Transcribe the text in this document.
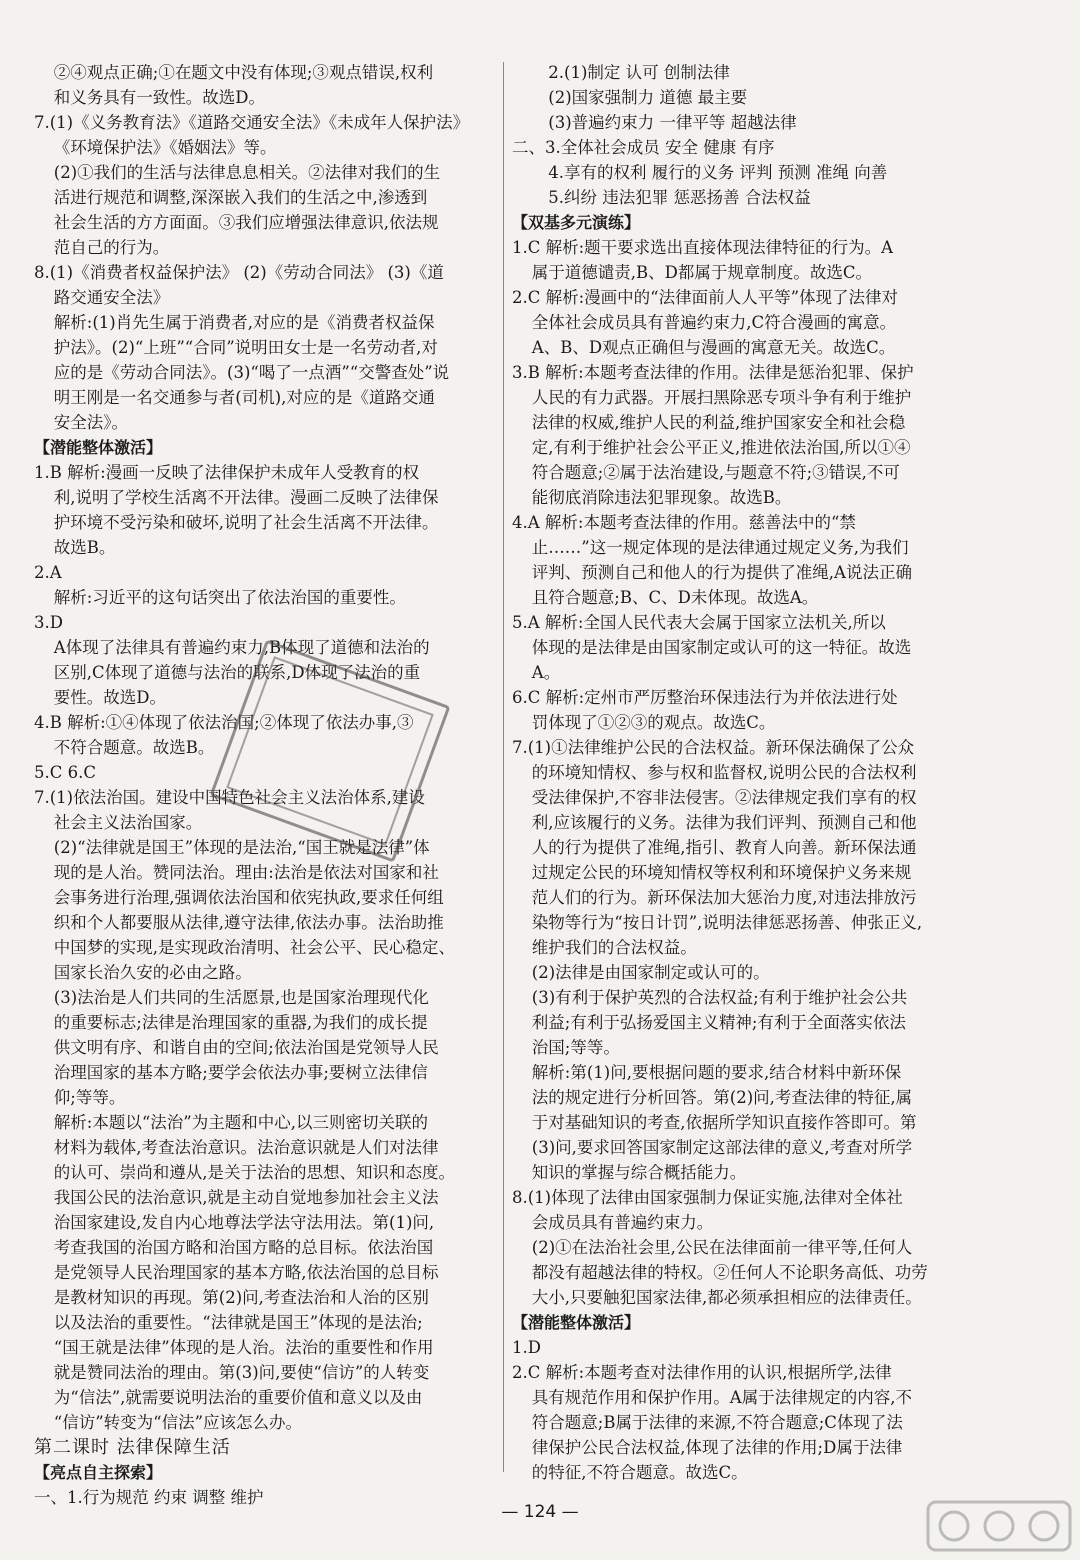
②④观点正确;①在题文中没有体现;③观点错误,权利

和义务具有一致性。故选D。

7.(1)《义务教育法》《道路交通安全法》《未成年人保护法》

《环境保护法》《婚姻法》等。

(2)①我们的生活与法律息息相关。②法律对我们的生

活进行规范和调整,深深嵌入我们的生活之中,渗透到

社会生活的方方面面。③我们应增强法律意识,依法规

范自己的行为。

8.(1)《消费者权益保护法》 (2)《劳动合同法》 (3)《道

路交通安全法》

解析:(1)肖先生属于消费者,对应的是《消费者权益保

护法》。(2)“上班”“合同”说明田女士是一名劳动者,对

应的是《劳动合同法》。(3)“喝了一点酒”“交警查处”说

明王刚是一名交通参与者(司机),对应的是《道路交通

安全法》。

【潜能整体激活】

1.B 解析:漫画一反映了法律保护未成年人受教育的权

利,说明了学校生活离不开法律。漫画二反映了法律保

护环境不受污染和破坏,说明了社会生活离不开法律。

故选B。

2.A

解析:习近平的这句话突出了依法治国的重要性。

3.D

A体现了法律具有普遍约束力,B体现了道德和法治的

区别,C体现了道德与法治的联系,D体现了法治的重

要性。故选D。

4.B 解析:①④体现了依法治国;②体现了依法办事,③

不符合题意。故选B。

5.C 6.C

7.(1)依法治国。建设中国特色社会主义法治体系,建设

社会主义法治国家。

(2)“法律就是国王”体现的是法治,“国王就是法律”体

现的是人治。赞同法治。理由:法治是依法对国家和社

会事务进行治理,强调依法治国和依宪执政,要求任何组

织和个人都要服从法律,遵守法律,依法办事。法治助推

中国梦的实现,是实现政治清明、社会公平、民心稳定、

国家长治久安的必由之路。

(3)法治是人们共同的生活愿景,也是国家治理现代化

的重要标志;法律是治理国家的重器,为我们的成长提

供文明有序、和谐自由的空间;依法治国是党领导人民

治理国家的基本方略;要学会依法办事;要树立法律信

仰;等等。

解析:本题以“法治”为主题和中心,以三则密切关联的

材料为载体,考查法治意识。法治意识就是人们对法律

的认可、崇尚和遵从,是关于法治的思想、知识和态度。

我国公民的法治意识,就是主动自觉地参加社会主义法

治国家建设,发自内心地尊法学法守法用法。第(1)问,

考查我国的治国方略和治国方略的总目标。依法治国

是党领导人民治理国家的基本方略,依法治国的总目标

是教材知识的再现。第(2)问,考查法治和人治的区别

以及法治的重要性。“法律就是国王”体现的是法治;

“国王就是法律”体现的是人治。法治的重要性和作用

就是赞同法治的理由。第(3)问,要使“信访”的人转变

为“信法”,就需要说明法治的重要价值和意义以及由

“信访”转变为“信法”应该怎么办。

第二课时 法律保障生活

【亮点自主探索】

一、1.行为规范 约束 调整 维护

2.(1)制定 认可 创制法律

(2)国家强制力 道德 最主要

(3)普遍约束力 一律平等 超越法律

二、3.全体社会成员 安全 健康 有序

4.享有的权利 履行的义务 评判 预测 准绳 向善

5.纠纷 违法犯罪 惩恶扬善 合法权益

【双基多元演练】

1.C 解析:题干要求选出直接体现法律特征的行为。A

属于道德谴责,B、D都属于规章制度。故选C。

2.C 解析:漫画中的“法律面前人人平等”体现了法律对

全体社会成员具有普遍约束力,C符合漫画的寓意。

A、B、D观点正确但与漫画的寓意无关。故选C。

3.B 解析:本题考查法律的作用。法律是惩治犯罪、保护

人民的有力武器。开展扫黑除恶专项斗争有利于维护

法律的权威,维护人民的利益,维护国家安全和社会稳

定,有利于维护社会公平正义,推进依法治国,所以①④

符合题意;②属于法治建设,与题意不符;③错误,不可

能彻底消除违法犯罪现象。故选B。

4.A 解析:本题考查法律的作用。慈善法中的“禁

止……”这一规定体现的是法律通过规定义务,为我们

评判、预测自己和他人的行为提供了准绳,A说法正确

且符合题意;B、C、D未体现。故选A。

5.A 解析:全国人民代表大会属于国家立法机关,所以

体现的是法律是由国家制定或认可的这一特征。故选

A。

6.C 解析:定州市严厉整治环保违法行为并依法进行处

罚体现了①②③的观点。故选C。

7.(1)①法律维护公民的合法权益。新环保法确保了公众

的环境知情权、参与权和监督权,说明公民的合法权利

受法律保护,不容非法侵害。②法律规定我们享有的权

利,应该履行的义务。法律为我们评判、预测自己和他

人的行为提供了准绳,指引、教育人向善。新环保法通

过规定公民的环境知情权等权利和环境保护义务来规

范人们的行为。新环保法加大惩治力度,对违法排放污

染物等行为“按日计罚”,说明法律惩恶扬善、伸张正义,

维护我们的合法权益。

(2)法律是由国家制定或认可的。

(3)有利于保护英烈的合法权益;有利于维护社会公共

利益;有利于弘扬爱国主义精神;有利于全面落实依法

治国;等等。

解析:第(1)问,要根据问题的要求,结合材料中新环保

法的规定进行分析回答。第(2)问,考查法律的特征,属

于对基础知识的考查,依据所学知识直接作答即可。第

(3)问,要求回答国家制定这部法律的意义,考查对所学

知识的掌握与综合概括能力。

8.(1)体现了法律由国家强制力保证实施,法律对全体社

会成员具有普遍约束力。

(2)①在法治社会里,公民在法律面前一律平等,任何人

都没有超越法律的特权。②任何人不论职务高低、功劳

大小,只要触犯国家法律,都必须承担相应的法律责任。

【潜能整体激活】

1.D

2.C 解析:本题考查对法律作用的认识,根据所学,法律

具有规范作用和保护作用。A属于法律规定的内容,不

符合题意;B属于法律的来源,不符合题意;C体现了法

律保护公民合法权益,体现了法律的作用;D属于法律

的特征,不符合题意。故选C。

— 124 —
